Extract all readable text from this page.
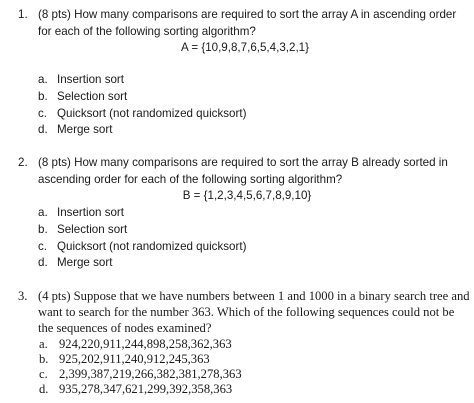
1. (8 pts) How many comparisons are required to sort the array A in ascending order
for each of the following sorting algorithm?
A = {10,9,8,7,6,5,4,3,2,1}
a. Insertion sort
b. Selection sort
c. Quicksort (not randomized quicksort)
d. Merge sort
2. (8 pts) How many comparisons are required to sort the array B already sorted in
ascending order for each of the following sorting algorithm?
B = {1,2,3,4,5,6,7,8,9,10}
a. Insertion sort
b. Selection sort
c. Quicksort (not randomized quicksort)
d. Merge sort
3. (4 pts) Suppose that we have numbers between 1 and 1000 in a binary search tree and
want to search for the number 363. Which of the following sequences could not be
the sequences of nodes examined?
a. 924,220,911,244,898,258,362,363
b. 925,202,911,240,912,245,363
c. 2,399,387,219,266,382,381,278,363
d. 935,278,347,621,299,392,358,363
